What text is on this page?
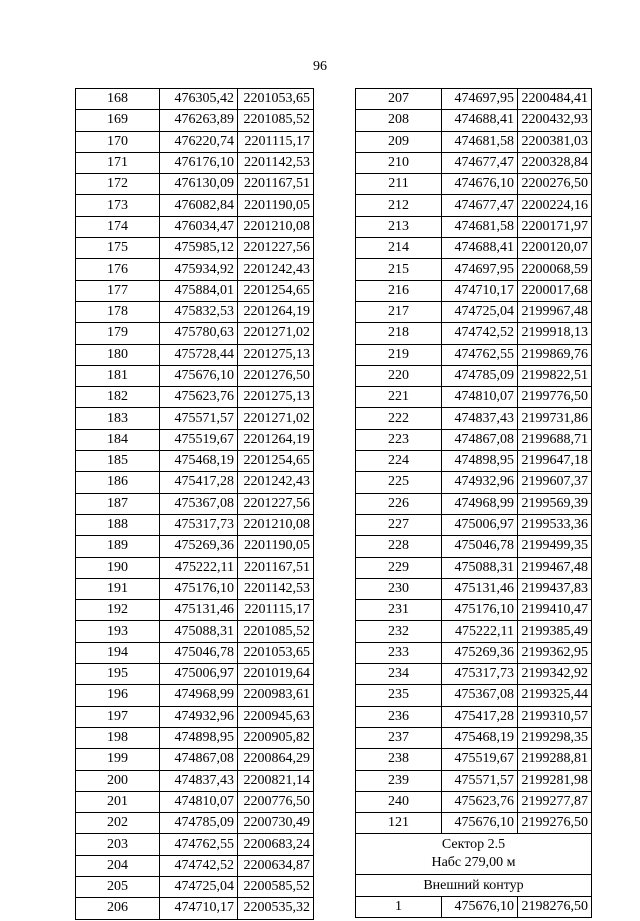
96
168	476305,42	2201053,65
169	476263,89	2201085,52
170	476220,74	2201115,17
171	476176,10	2201142,53
172	476130,09	2201167,51
173	476082,84	2201190,05
174	476034,47	2201210,08
175	475985,12	2201227,56
176	475934,92	2201242,43
177	475884,01	2201254,65
178	475832,53	2201264,19
179	475780,63	2201271,02
180	475728,44	2201275,13
181	475676,10	2201276,50
182	475623,76	2201275,13
183	475571,57	2201271,02
184	475519,67	2201264,19
185	475468,19	2201254,65
186	475417,28	2201242,43
187	475367,08	2201227,56
188	475317,73	2201210,08
189	475269,36	2201190,05
190	475222,11	2201167,51
191	475176,10	2201142,53
192	475131,46	2201115,17
193	475088,31	2201085,52
194	475046,78	2201053,65
195	475006,97	2201019,64
196	474968,99	2200983,61
197	474932,96	2200945,63
198	474898,95	2200905,82
199	474867,08	2200864,29
200	474837,43	2200821,14
201	474810,07	2200776,50
202	474785,09	2200730,49
203	474762,55	2200683,24
204	474742,52	2200634,87
205	474725,04	2200585,52
206	474710,17	2200535,32
207	474697,95	2200484,41
208	474688,41	2200432,93
209	474681,58	2200381,03
210	474677,47	2200328,84
211	474676,10	2200276,50
212	474677,47	2200224,16
213	474681,58	2200171,97
214	474688,41	2200120,07
215	474697,95	2200068,59
216	474710,17	2200017,68
217	474725,04	2199967,48
218	474742,52	2199918,13
219	474762,55	2199869,76
220	474785,09	2199822,51
221	474810,07	2199776,50
222	474837,43	2199731,86
223	474867,08	2199688,71
224	474898,95	2199647,18
225	474932,96	2199607,37
226	474968,99	2199569,39
227	475006,97	2199533,36
228	475046,78	2199499,35
229	475088,31	2199467,48
230	475131,46	2199437,83
231	475176,10	2199410,47
232	475222,11	2199385,49
233	475269,36	2199362,95
234	475317,73	2199342,92
235	475367,08	2199325,44
236	475417,28	2199310,57
237	475468,19	2199298,35
238	475519,67	2199288,81
239	475571,57	2199281,98
240	475623,76	2199277,87
121	475676,10	2199276,50

Сектор 2.5
Набс 279,00 м		

Внешний контур		
1	475676,10	2198276,50
